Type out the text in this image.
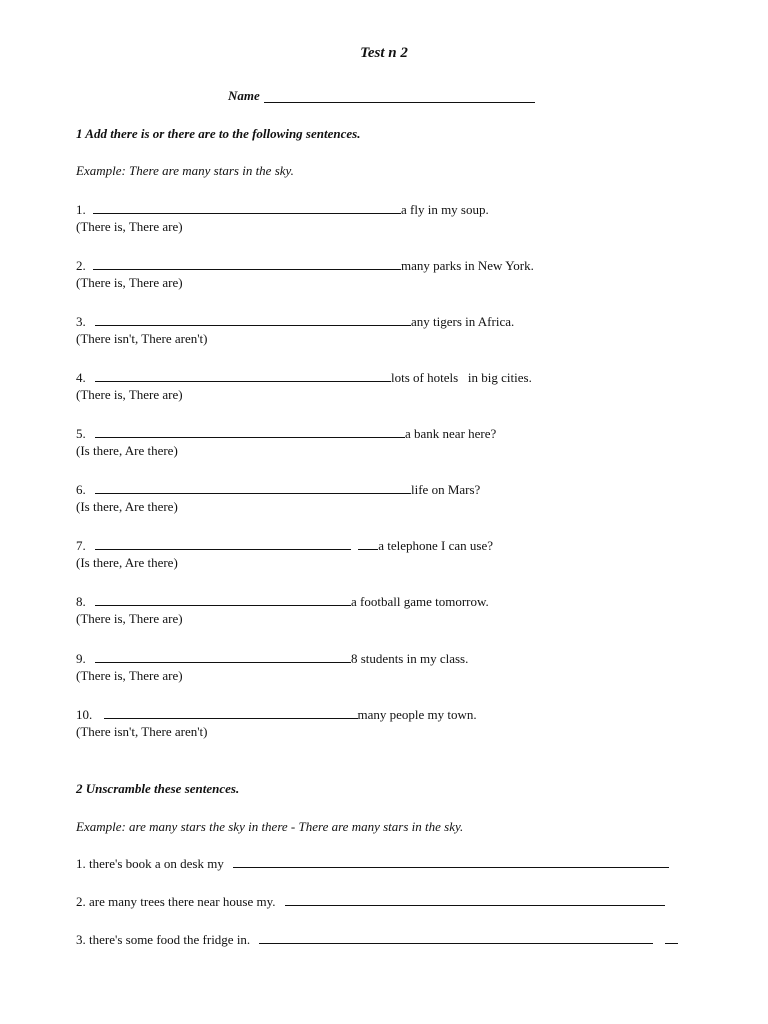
Test n 2
Name
1 Add there is or there are to the following sentences.
Example: There are many stars in the sky.
1.	a fly in my soup.
(There is, There are)
2.	many parks in New York.
(There is, There are)
3.	any tigers in Africa.
(There isn't, There aren't)
4.	lots of hotels   in big cities.
(There is, There are)
5.	a bank near here?
(Is there, Are there)
6.	life on Mars?
(Is there, Are there)
7.	a telephone I can use?
(Is there, Are there)
8.	a football game tomorrow.
(There is, There are)
9.	8 students in my class.
(There is, There are)
10.	many people my town.
(There isn't, There aren't)
2 Unscramble these sentences.
Example: are many stars the sky in there - There are many stars in the sky.
1. there's book a on desk my
2. are many trees there near house my.
3. there's some food the fridge in.
